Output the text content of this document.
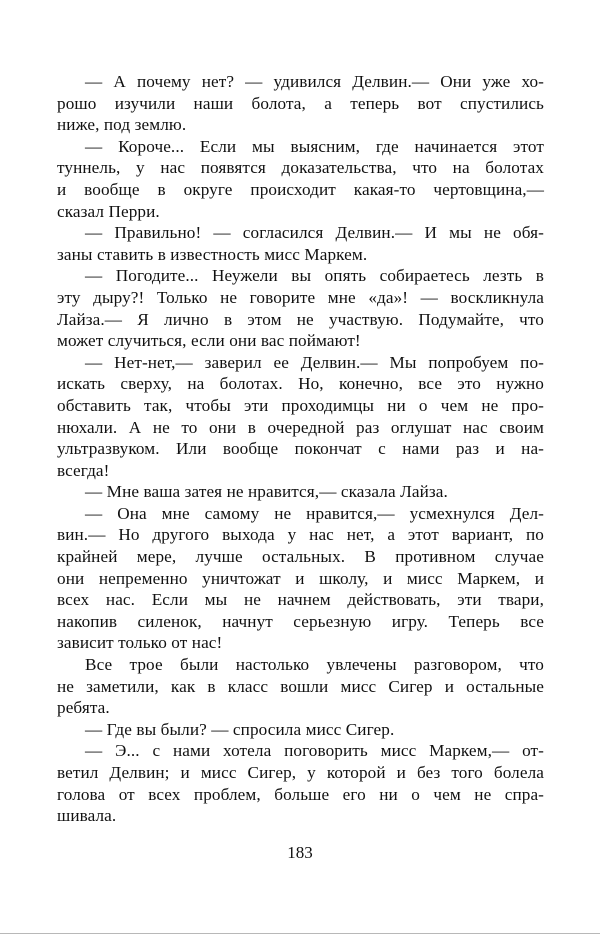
— А почему нет? — удивился Делвин.— Они уже хо-
рошо изучили наши болота, а теперь вот спустились
ниже, под землю.
— Короче... Если мы выясним, где начинается этот
туннель, у нас появятся доказательства, что на болотах
и вообще в округе происходит какая-то чертовщина,—
сказал Перри.
— Правильно! — согласился Делвин.— И мы не обя-
заны ставить в известность мисс Маркем.
— Погодите... Неужели вы опять собираетесь лезть в
эту дыру?! Только не говорите мне «да»! — воскликнула
Лайза.— Я лично в этом не участвую. Подумайте, что
может случиться, если они вас поймают!
— Нет-нет,— заверил ее Делвин.— Мы попробуем по-
искать сверху, на болотах. Но, конечно, все это нужно
обставить так, чтобы эти проходимцы ни о чем не про-
нюхали. А не то они в очередной раз оглушат нас своим
ультразвуком. Или вообще покончат с нами раз и на-
всегда!
— Мне ваша затея не нравится,— сказала Лайза.
— Она мне самому не нравится,— усмехнулся Дел-
вин.— Но другого выхода у нас нет, а этот вариант, по
крайней мере, лучше остальных. В противном случае
они непременно уничтожат и школу, и мисс Маркем, и
всех нас. Если мы не начнем действовать, эти твари,
накопив силенок, начнут серьезную игру. Теперь все
зависит только от нас!
Все трое были настолько увлечены разговором, что
не заметили, как в класс вошли мисс Сигер и остальные
ребята.
— Где вы были? — спросила мисс Сигер.
— Э... с нами хотела поговорить мисс Маркем,— от-
ветил Делвин; и мисс Сигер, у которой и без того болела
голова от всех проблем, больше его ни о чем не спра-
шивала.
183
